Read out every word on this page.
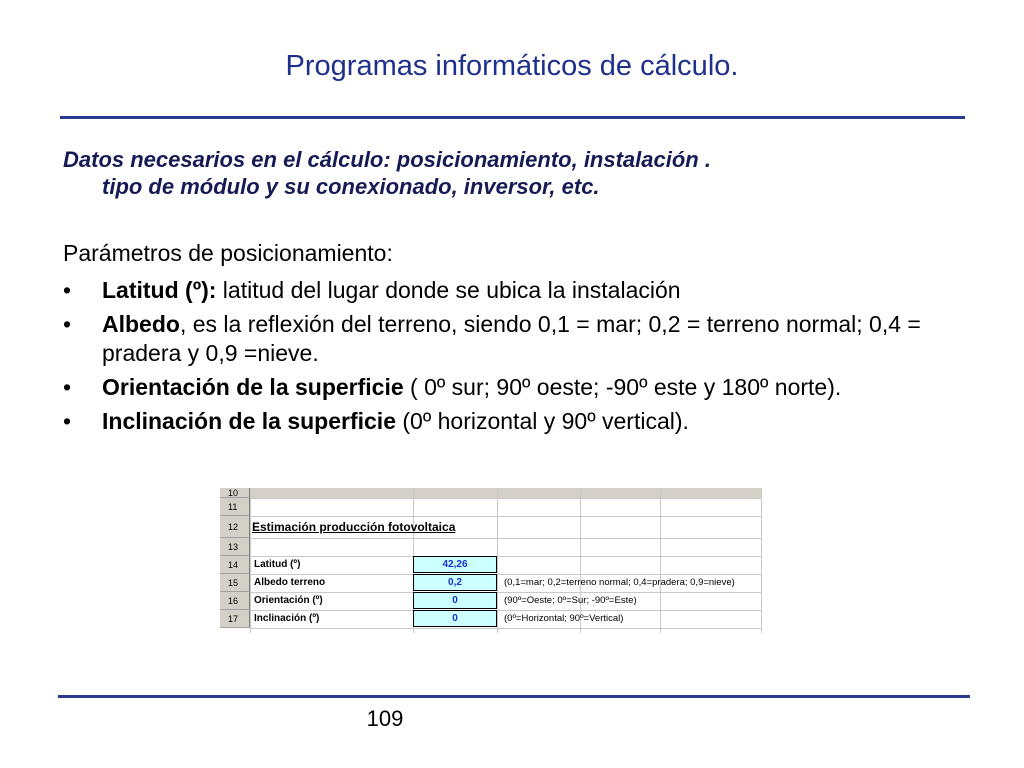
Programas informáticos de cálculo.
Datos necesarios en el cálculo: posicionamiento, instalación .
tipo de módulo y su conexionado, inversor, etc.
Parámetros de posicionamiento:
• Latitud (º): latitud del lugar donde se ubica la instalación
• Albedo, es la reflexión del terreno, siendo 0,1 = mar; 0,2 = terreno normal; 0,4 = pradera y 0,9 =nieve.
• Orientación de la superficie ( 0º sur; 90º oeste; -90º este y 180º norte).
• Inclinación de la superficie (0º horizontal y 90º vertical).
10
11
12	Estimación producción fotovoltaica
13
14	Latitud (º)	42,26
15	Albedo terreno	0,2	(0,1=mar; 0,2=terreno normal; 0,4=pradera; 0,9=nieve)
16	Orientación (º)	0	(90º=Oeste; 0º=Sur; -90º=Este)
17	Inclinación (º)	0	(0º=Horizontal; 90º=Vertical)
109
